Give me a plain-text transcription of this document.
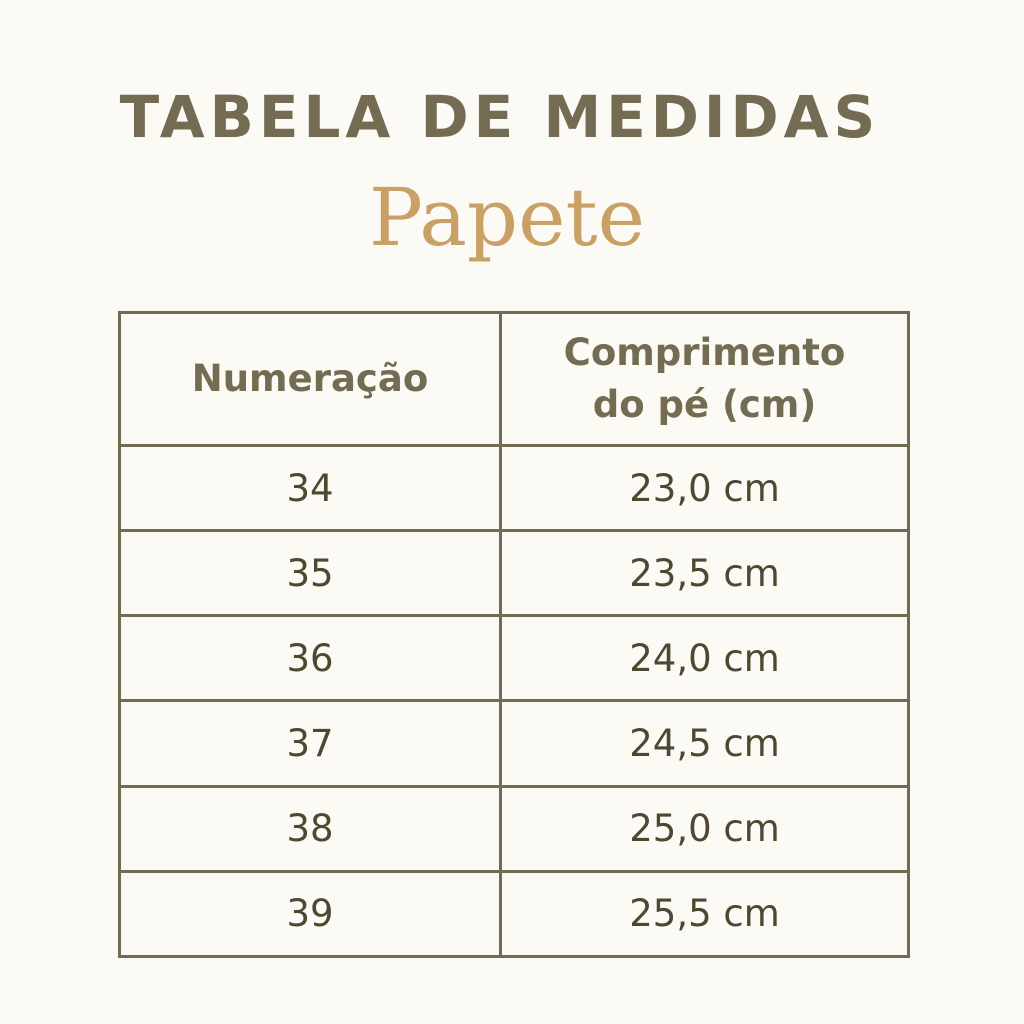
TABELA DE MEDIDAS
Papete
Numeração	Comprimento do pé (cm)

34	23,0 cm
35	23,5 cm
36	24,0 cm
37	24,5 cm
38	25,0 cm
39	25,5 cm
